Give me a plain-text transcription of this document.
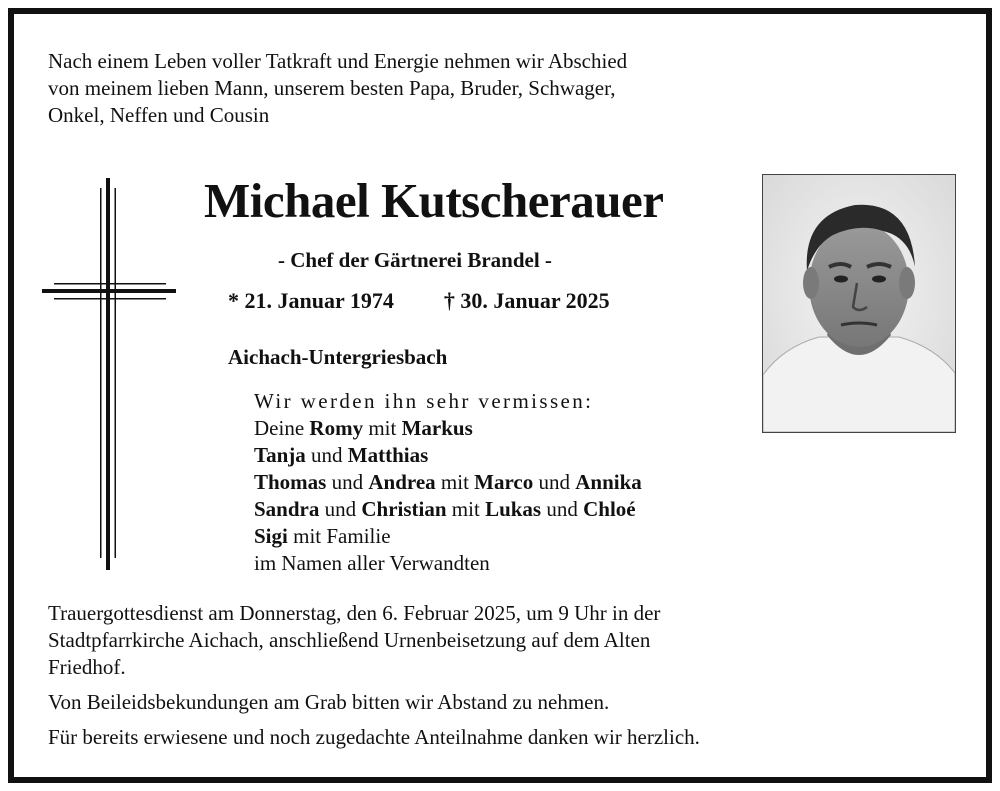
Nach einem Leben voller Tatkraft und Energie nehmen wir Abschied
von meinem lieben Mann, unserem besten Papa, Bruder, Schwager,
Onkel, Neffen und Cousin
Michael Kutscherauer
- Chef der Gärtnerei Brandel -
* 21. Januar 1974 † 30. Januar 2025
Aichach-Untergriesbach
Wir werden ihn sehr vermissen:
Deine Romy mit Markus
Tanja und Matthias
Thomas und Andrea mit Marco und Annika
Sandra und Christian mit Lukas und Chloé
Sigi mit Familie
im Namen aller Verwandten

Trauergottesdienst am Donnerstag, den 6. Februar 2025, um 9 Uhr in der
Stadtpfarrkirche Aichach, anschließend Urnenbeisetzung auf dem Alten
Friedhof.

Von Beileidsbekundungen am Grab bitten wir Abstand zu nehmen.

Für bereits erwiesene und noch zugedachte Anteilnahme danken wir herzlich.
